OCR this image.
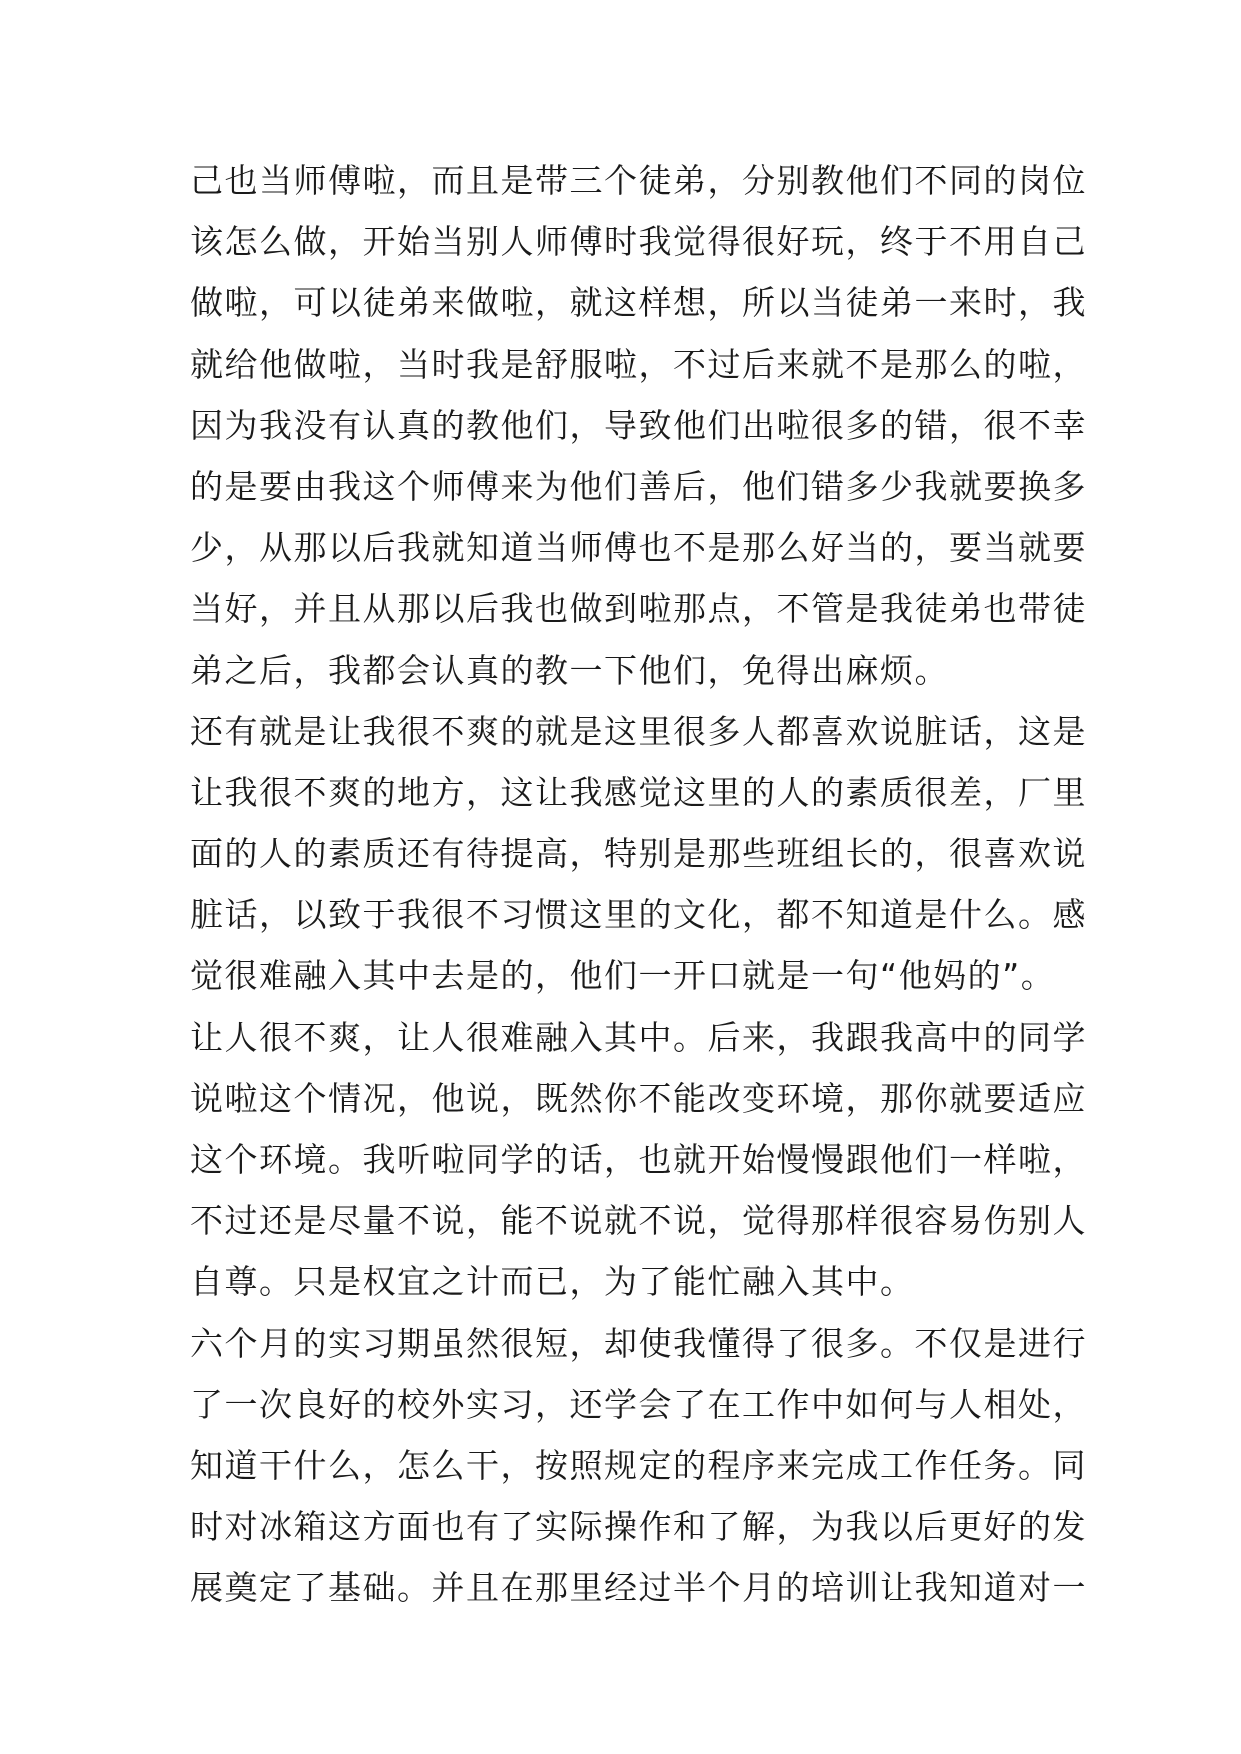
己也当师傅啦，而且是带三个徒弟，分别教他们不同的岗位
该怎么做，开始当别人师傅时我觉得很好玩，终于不用自己
做啦，可以徒弟来做啦，就这样想，所以当徒弟一来时，我
就给他做啦，当时我是舒服啦，不过后来就不是那么的啦，
因为我没有认真的教他们，导致他们出啦很多的错，很不幸
的是要由我这个师傅来为他们善后，他们错多少我就要换多
少，从那以后我就知道当师傅也不是那么好当的，要当就要
当好，并且从那以后我也做到啦那点，不管是我徒弟也带徒
弟之后，我都会认真的教一下他们，免得出麻烦。
还有就是让我很不爽的就是这里很多人都喜欢说脏话，这是
让我很不爽的地方，这让我感觉这里的人的素质很差，厂里
面的人的素质还有待提高，特别是那些班组长的，很喜欢说
脏话，以致于我很不习惯这里的文化，都不知道是什么。感
觉很难融入其中去是的，他们一开口就是一句“他妈的”。
让人很不爽，让人很难融入其中。后来，我跟我高中的同学
说啦这个情况，他说，既然你不能改变环境，那你就要适应
这个环境。我听啦同学的话，也就开始慢慢跟他们一样啦，
不过还是尽量不说，能不说就不说，觉得那样很容易伤别人
自尊。只是权宜之计而已，为了能忙融入其中。
六个月的实习期虽然很短，却使我懂得了很多。不仅是进行
了一次良好的校外实习，还学会了在工作中如何与人相处，
知道干什么，怎么干，按照规定的程序来完成工作任务。同
时对冰箱这方面也有了实际操作和了解，为我以后更好的发
展奠定了基础。并且在那里经过半个月的培训让我知道对一
